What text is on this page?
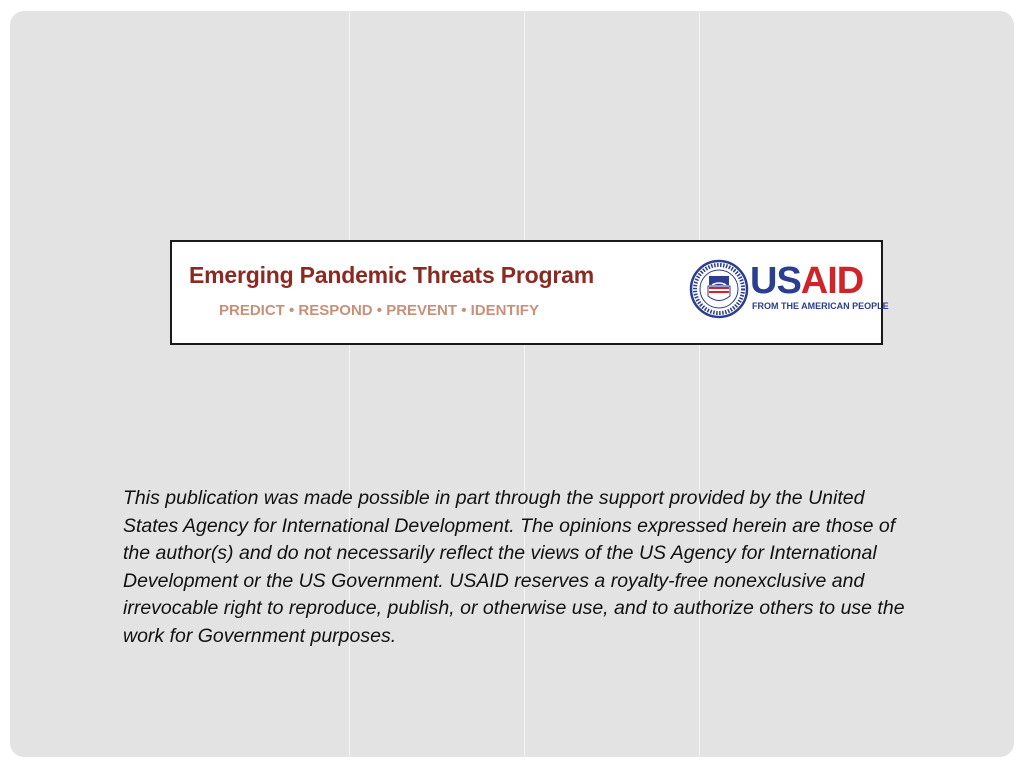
Emerging Pandemic Threats Program
PREDICT • RESPOND • PREVENT • IDENTIFY
USAID
FROM THE AMERICAN PEOPLE

This publication was made possible in part through the support provided by the United States Agency for International Development. The opinions expressed herein are those of the author(s) and do not necessarily reflect the views of the US Agency for International Development or the US Government. USAID reserves a royalty-free nonexclusive and irrevocable right to reproduce, publish, or otherwise use, and to authorize others to use the work for Government purposes.
